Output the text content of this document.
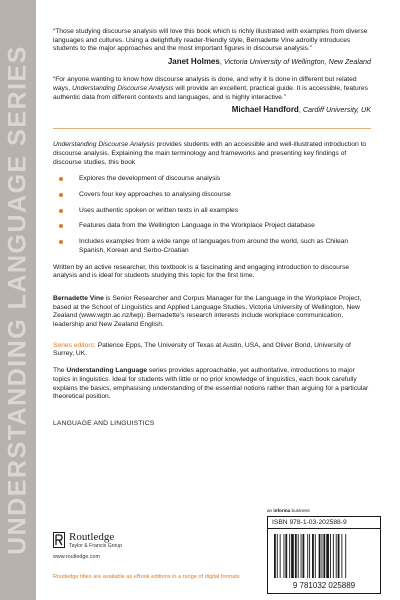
UNDERSTANDING LANGUAGE SERIES

“Those studying discourse analysis will love this book which is richly illustrated with examples from diverse languages and cultures. Using a delightfully reader-friendly style, Bernadette Vine adroitly introduces students to the major approaches and the most important figures in discourse analysis.”

Janet Holmes, Victoria University of Wellington, New Zealand

“For anyone wanting to know how discourse analysis is done, and why it is done in different but related ways, Understanding Discourse Analysis will provide an excellent, practical guide. It is accessible, features authentic data from different contexts and languages, and is highly interactive.”

Michael Handford, Cardiff University, UK

Understanding Discourse Analysis provides students with an accessible and well-illustrated introduction to discourse analysis. Explaining the main terminology and frameworks and presenting key findings of discourse studies, this book

Explores the development of discourse analysis
Covers four key approaches to analysing discourse
Uses authentic spoken or written texts in all examples
Features data from the Wellington Language in the Workplace Project database
Includes examples from a wide range of languages from around the world, such as Chilean Spanish, Korean and Serbo-Croatian

Written by an active researcher, this textbook is a fascinating and engaging introduction to discourse analysis and is ideal for students studying this topic for the first time.

Bernadette Vine is Senior Researcher and Corpus Manager for the Language in the Workplace Project, based at the School of Linguistics and Applied Language Studies, Victoria University of Wellington, New Zealand (www.wgtn.ac.nz/lwp). Bernadette’s research interests include workplace communication, leadership and New Zealand English.

Series editors: Patience Epps, The University of Texas at Austin, USA, and Oliver Bond, University of Surrey, UK.

The Understanding Language series provides approachable, yet authoritative, introductions to major topics in linguistics. Ideal for students with little or no prior knowledge of linguistics, each book carefully explains the basics, emphasising understanding of the essential notions rather than arguing for a particular theoretical position.

LANGUAGE AND LINGUISTICS

Routledge
Taylor & Francis Group
www.routledge.com
Routledge titles are available as eBook editions in a range of digital formats
an informa business
ISBN 978-1-03-202588-9
9 781032 025889
